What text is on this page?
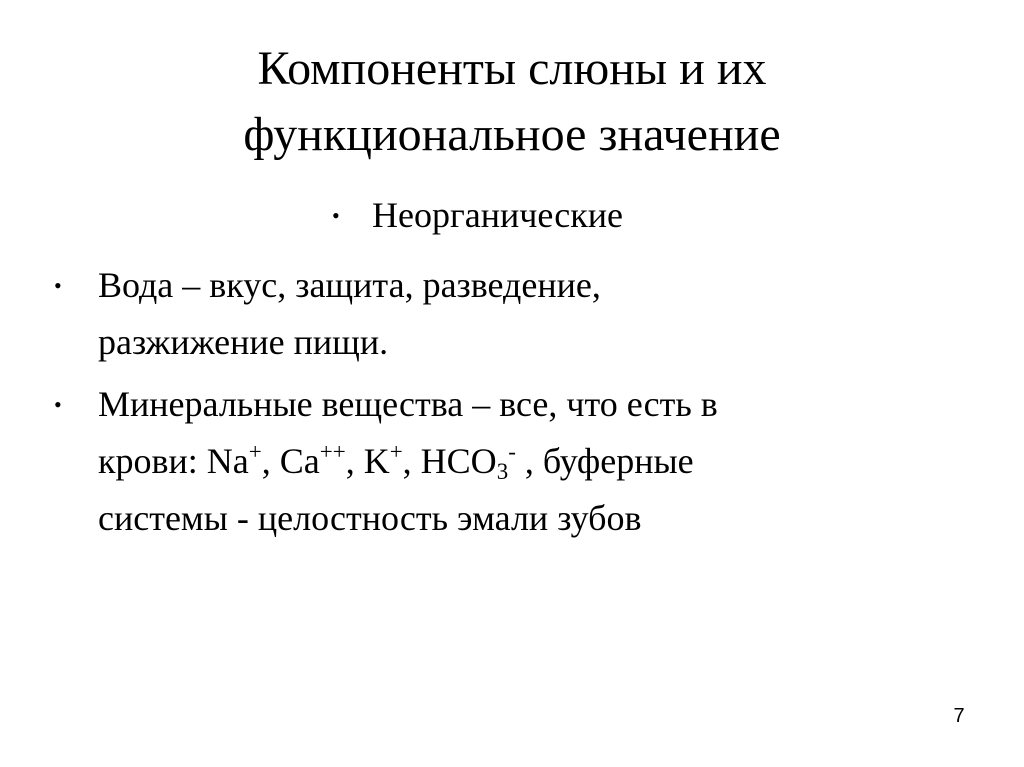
Компоненты слюны и их
функциональное значение
• Неорганические
• Вода – вкус, защита, разведение,
разжижение пищи.
• Минеральные вещества – все, что есть в
крови: Na+, Ca++, K+, $HCO_3^-$ , буферные
системы - целостность эмали зубов
7
